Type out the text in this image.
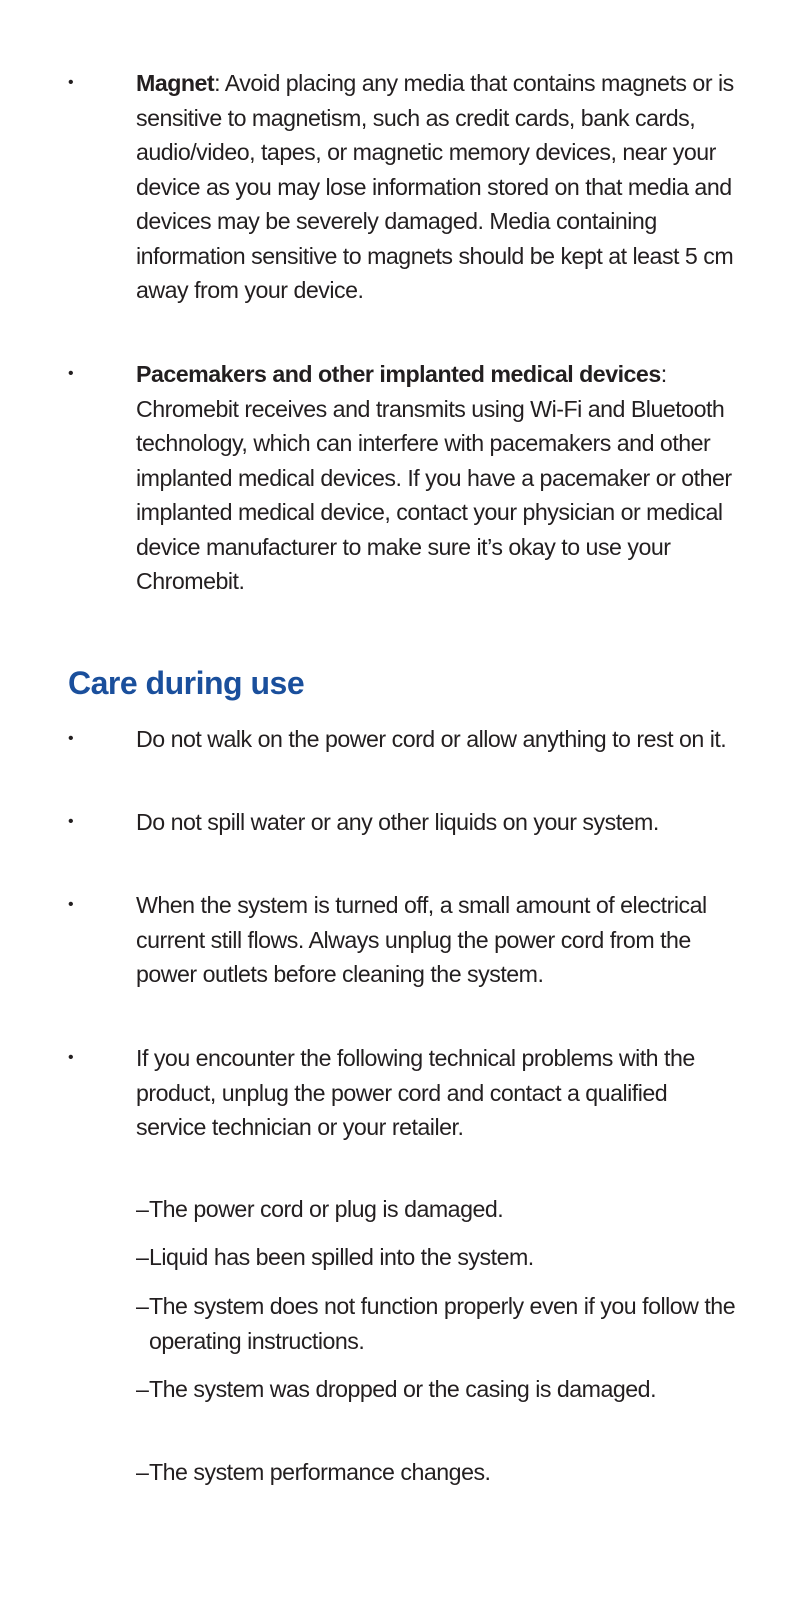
•	Magnet: Avoid placing any media that contains magnets or is sensitive to magnetism, such as credit cards, bank cards, audio/video, tapes, or magnetic memory devices, near your device as you may lose information stored on that media and devices may be severely damaged. Media containing information sensitive to magnets should be kept at least 5 cm away from your device.
•	Pacemakers and other implanted medical devices: Chromebit receives and transmits using Wi-Fi and Bluetooth technology, which can interfere with pacemakers and other implanted medical devices. If you have a pacemaker or other implanted medical device, contact your physician or medical device manufacturer to make sure it’s okay to use your Chromebit.
Care during use
•	Do not walk on the power cord or allow anything to rest on it.
•	Do not spill water or any other liquids on your system.
•	When the system is turned off, a small amount of electrical current still flows. Always unplug the power cord from the power outlets before cleaning the system.
•	If you encounter the following technical problems with the product, unplug the power cord and contact a qualified service technician or your retailer.
– The power cord or plug is damaged.
– Liquid has been spilled into the system.
– The system does not function properly even if you follow the operating instructions.
– The system was dropped or the casing is damaged.
– The system performance changes.
